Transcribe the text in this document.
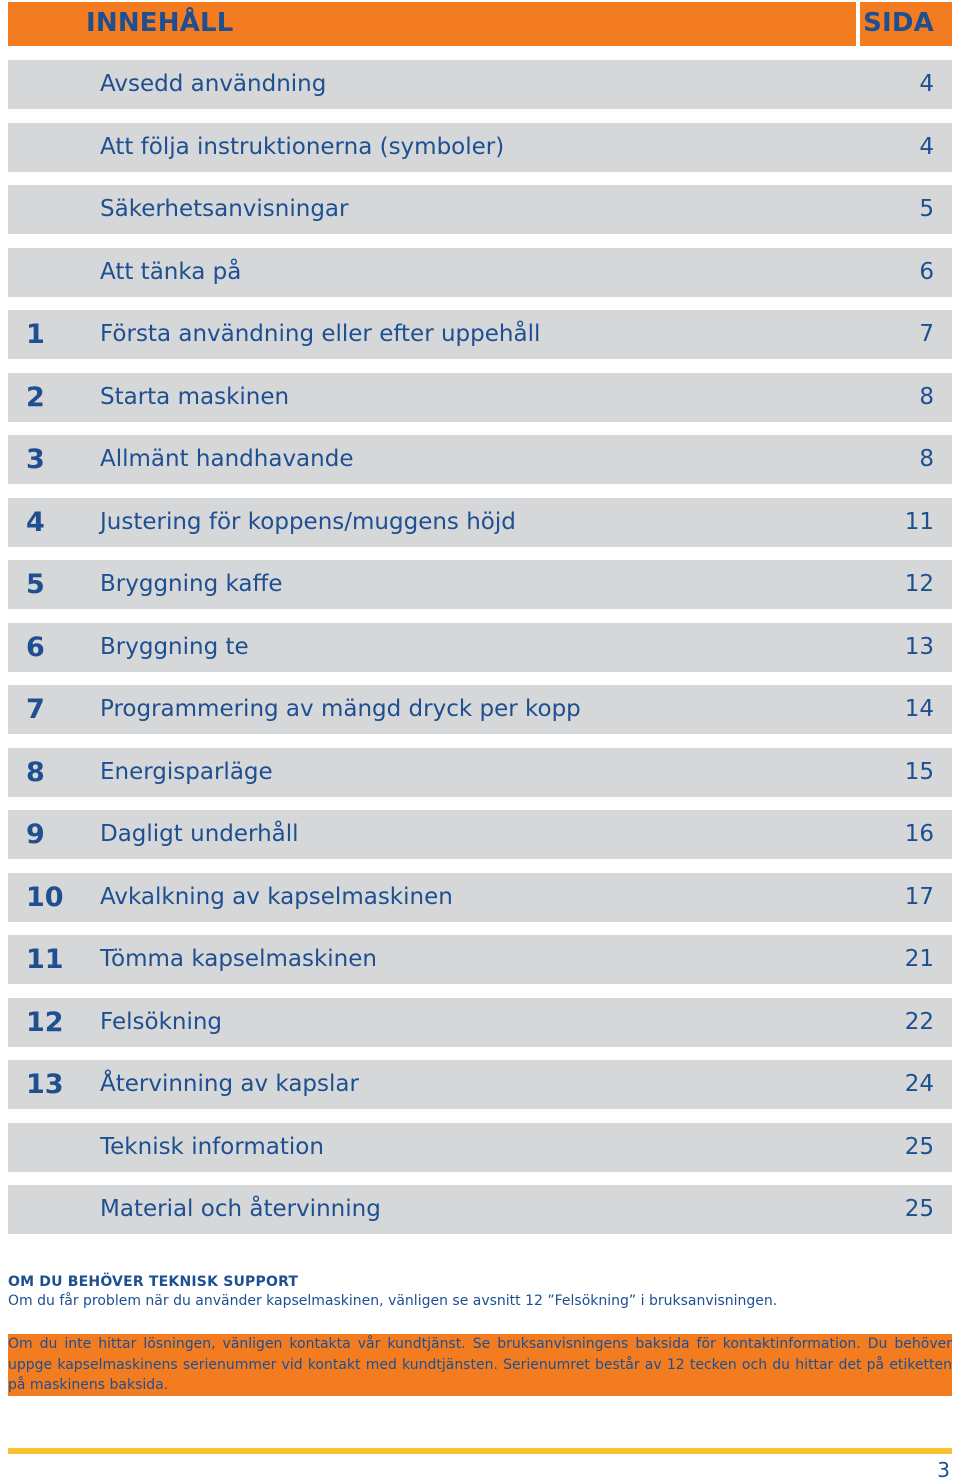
INNEHÅLL	SIDA
Avsedd användning	4
Att följa instruktionerna (symboler)	4
Säkerhetsanvisningar	5
Att tänka på	6
1 Första användning eller efter uppehåll	7
2 Starta maskinen	8
3 Allmänt handhavande	8
4 Justering för koppens/muggens höjd	11
5 Bryggning kaffe	12
6 Bryggning te	13
7 Programmering av mängd dryck per kopp	14
8 Energisparläge	15
9 Dagligt underhåll	16
10 Avkalkning av kapselmaskinen	17
11 Tömma kapselmaskinen	21
12 Felsökning	22
13 Återvinning av kapslar	24
Teknisk information	25
Material och återvinning	25
OM DU BEHÖVER TEKNISK SUPPORT
Om du får problem när du använder kapselmaskinen, vänligen se avsnitt 12 ”Felsökning” i bruksanvisningen.
Om du inte hittar lösningen, vänligen kontakta vår kundtjänst. Se bruksanvisningens baksida för kontaktinformation. Du behöver uppge kapselmaskinens serienummer vid kontakt med kundtjänsten. Serienumret består av 12 tecken och du hittar det på etiketten på maskinens baksida.
3
